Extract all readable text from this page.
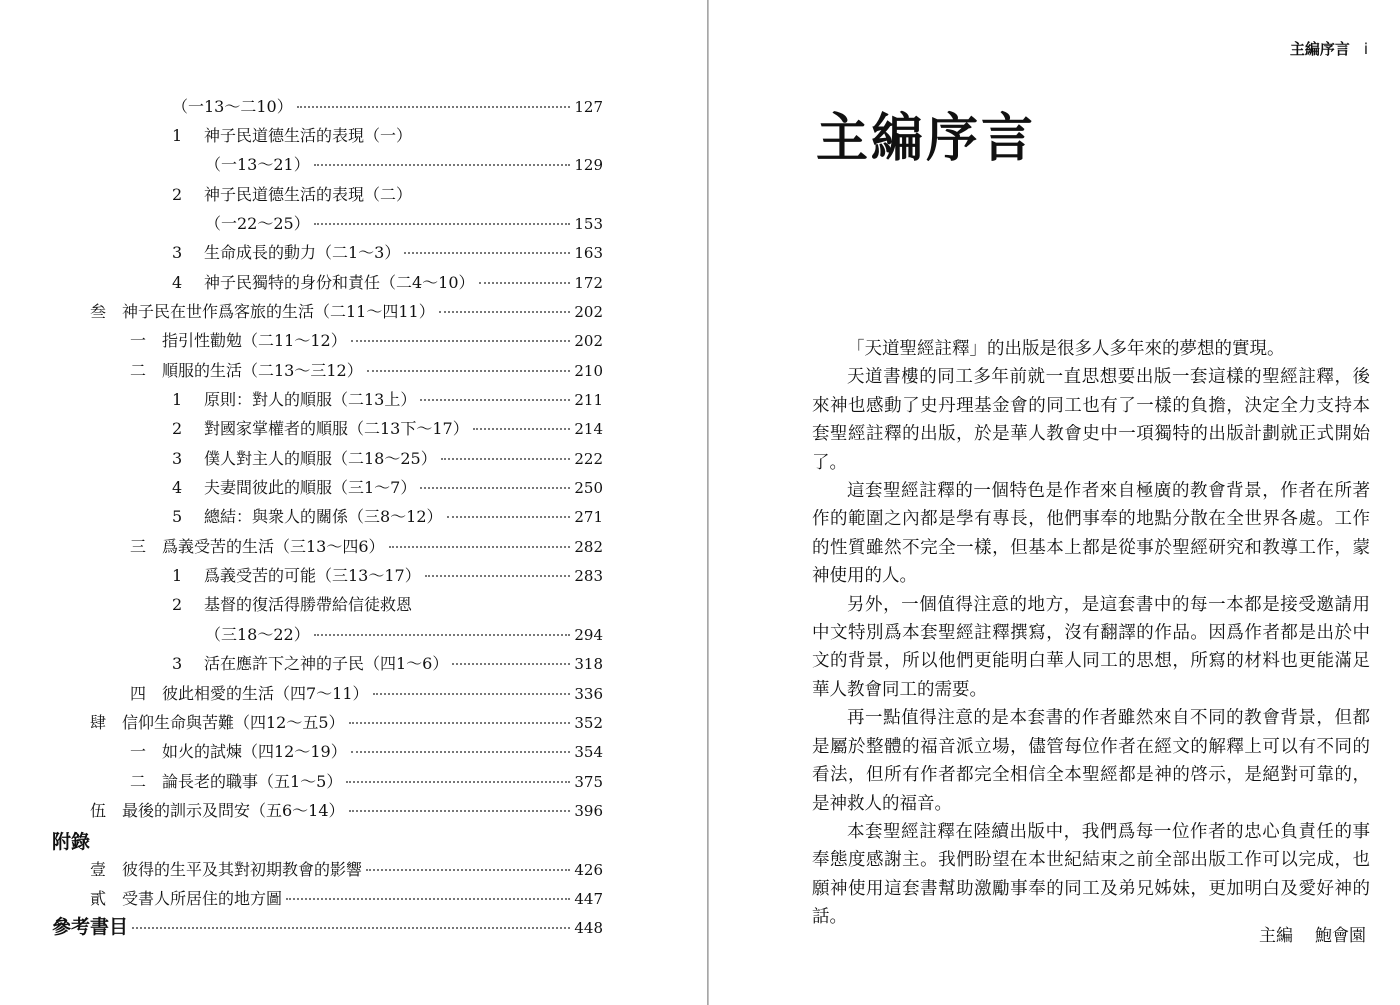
（一13～二10）	127
1	神子民道德生活的表現（一）
（一13～21）	129
2	神子民道德生活的表現（二）
（一22～25）	153
3	生命成長的動力（二1～3）	163
4	神子民獨特的身份和責任（二4～10）	172
叁 神子民在世作爲客旅的生活（二11～四11）	202
一 指引性勸勉（二11～12）	202
二 順服的生活（二13～三12）	210
1	原則：對人的順服（二13上）	211
2	對國家掌權者的順服（二13下～17）	214
3	僕人對主人的順服（二18～25）	222
4	夫妻間彼此的順服（三1～7）	250
5	總結：與衆人的關係（三8～12）	271
三 爲義受苦的生活（三13～四6）	282
1	爲義受苦的可能（三13～17）	283
2	基督的復活得勝帶給信徒救恩
（三18～22）	294
3	活在應許下之神的子民（四1～6）	318
四 彼此相愛的生活（四7～11）	336
肆 信仰生命與苦難（四12～五5）	352
一 如火的試煉（四12～19）	354
二 論長老的職事（五1～5）	375
伍 最後的訓示及問安（五6～14）	396
附錄
壹 彼得的生平及其對初期教會的影響	426
貳 受書人所居住的地方圖	447
參考書目	448
主編序言 i
主編序言

「天道聖經註釋」的出版是很多人多年來的夢想的實現。

天道書樓的同工多年前就一直思想要出版一套這樣的聖經註釋，後來神也感動了史丹理基金會的同工也有了一樣的負擔，決定全力支持本套聖經註釋的出版，於是華人教會史中一項獨特的出版計劃就正式開始了。

這套聖經註釋的一個特色是作者來自極廣的教會背景，作者在所著作的範圍之內都是學有專長，他們事奉的地點分散在全世界各處。工作的性質雖然不完全一樣，但基本上都是從事於聖經研究和教導工作，蒙神使用的人。

另外，一個值得注意的地方，是這套書中的每一本都是接受邀請用中文特別爲本套聖經註釋撰寫，沒有翻譯的作品。因爲作者都是出於中文的背景，所以他們更能明白華人同工的思想，所寫的材料也更能滿足華人教會同工的需要。

再一點值得注意的是本套書的作者雖然來自不同的教會背景，但都是屬於整體的福音派立場，儘管每位作者在經文的解釋上可以有不同的看法，但所有作者都完全相信全本聖經都是神的啓示，是絕對可靠的，是神救人的福音。

本套聖經註釋在陸續出版中，我們爲每一位作者的忠心負責任的事奉態度感謝主。我們盼望在本世紀結束之前全部出版工作可以完成，也願神使用這套書幫助激勵事奉的同工及弟兄姊妹，更加明白及愛好神的話。

主編 鮑會園
